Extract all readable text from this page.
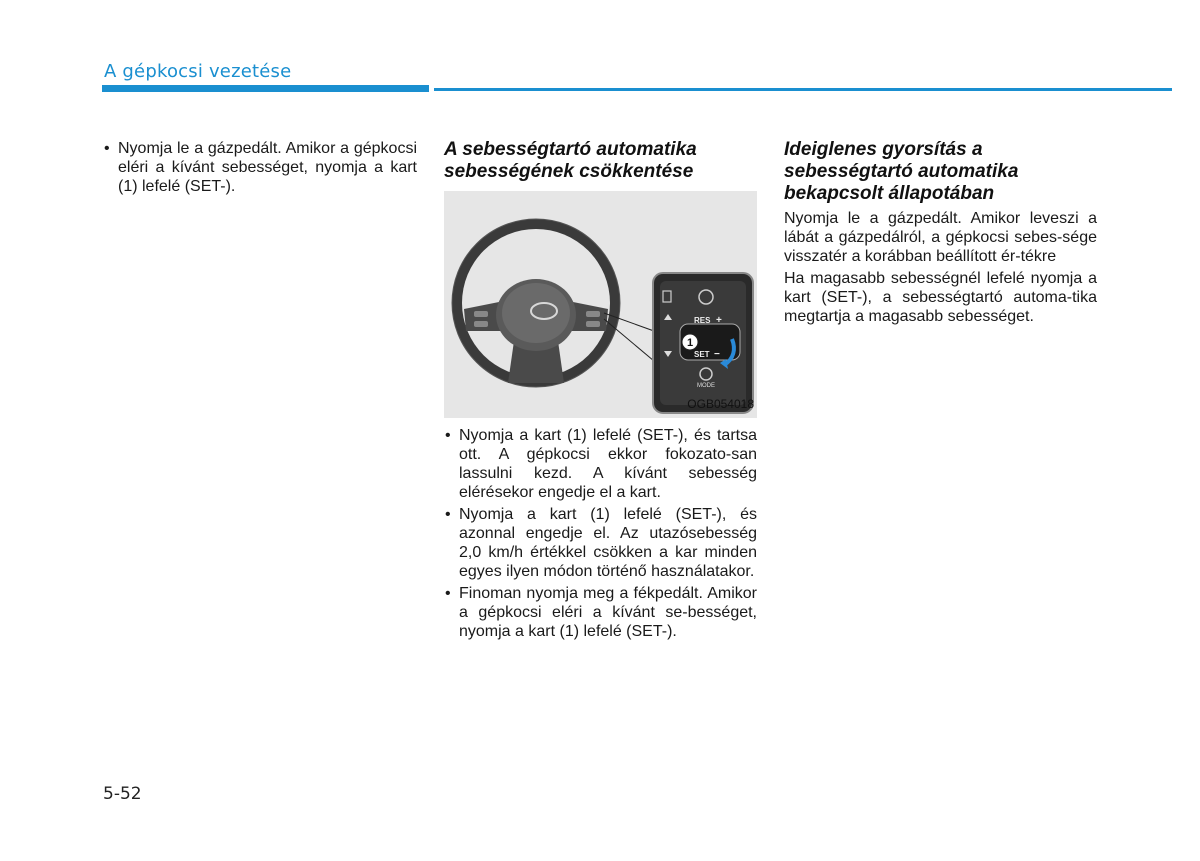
A gépkocsi vezetése
• Nyomja le a gázpedált. Amikor a gépkocsi eléri a kívánt sebességet, nyomja a kart (1) lefelé (SET-).
A sebességtartó automatika sebességének csökkentése
RES +
SET −
1
MODE
OGB054018
• Nyomja a kart (1) lefelé (SET-), és tartsa ott. A gépkocsi ekkor fokozato-san lassulni kezd. A kívánt sebesség elérésekor engedje el a kart.
• Nyomja a kart (1) lefelé (SET-), és azonnal engedje el. Az utazósebesség 2,0 km/h értékkel csökken a kar minden egyes ilyen módon történő használatakor.
• Finoman nyomja meg a fékpedált. Amikor a gépkocsi eléri a kívánt se-bességet, nyomja a kart (1) lefelé (SET-).
Ideiglenes gyorsítás a sebességtartó automatika bekapcsolt állapotában

Nyomja le a gázpedált. Amikor leveszi a lábát a gázpedálról, a gépkocsi sebes-sége visszatér a korábban beállított ér-tékre

Ha magasabb sebességnél lefelé nyomja a kart (SET-), a sebességtartó automa-tika megtartja a magasabb sebességet.

5-52
